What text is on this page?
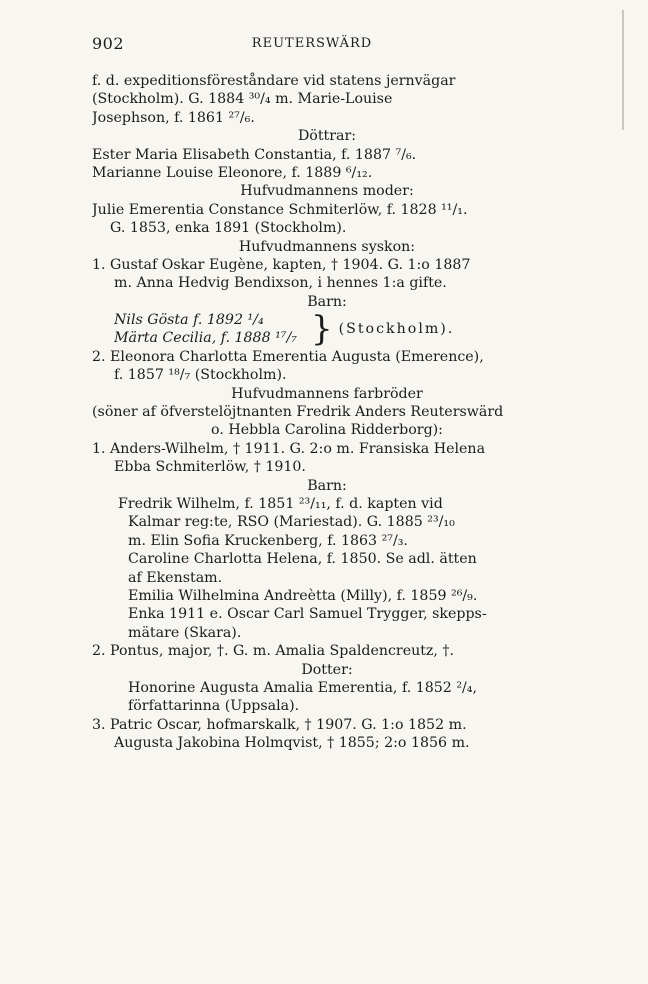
902	REUTERSWÄRD
f. d. expeditionsföreståndare vid statens jernvägar
(Stockholm). G. 1884 ³⁰/₄ m. Marie-Louise
Josephson, f. 1861 ²⁷/₆.
Döttrar:
Ester Maria Elisabeth Constantia, f. 1887 ⁷/₆.
Marianne Louise Eleonore, f. 1889 ⁶/₁₂.
Hufvudmannens moder:
Julie Emerentia Constance Schmiterlöw, f. 1828 ¹¹/₁.
G. 1853, enka 1891 (Stockholm).
Hufvudmannens syskon:
1. Gustaf Oskar Eugène, kapten, † 1904. G. 1:o 1887
m. Anna Hedvig Bendixson, i hennes 1:a gifte.
Barn:
Nils Gösta f. 1892 ¹/₄
Märta Cecilia, f. 1888 ¹⁷/₇ } (Stockholm).
2. Eleonora Charlotta Emerentia Augusta (Emerence),
f. 1857 ¹⁸/₇ (Stockholm).
Hufvudmannens farbröder
(söner af öfverstelöjtnanten Fredrik Anders Reuterswärd
o. Hebbla Carolina Ridderborg):
1. Anders-Wilhelm, † 1911. G. 2:o m. Fransiska Helena
Ebba Schmiterlöw, † 1910.
Barn:
Fredrik Wilhelm, f. 1851 ²³/₁₁, f. d. kapten vid
Kalmar reg:te, RSO (Mariestad). G. 1885 ²³/₁₀
m. Elin Sofia Kruckenberg, f. 1863 ²⁷/₃.
Caroline Charlotta Helena, f. 1850. Se adl. ätten
af Ekenstam.
Emilia Wilhelmina Andreètta (Milly), f. 1859 ²⁶/₉.
Enka 1911 e. Oscar Carl Samuel Trygger, skepps-
mätare (Skara).
2. Pontus, major, †. G. m. Amalia Spaldencreutz, †.
Dotter:
Honorine Augusta Amalia Emerentia, f. 1852 ²/₄,
författarinna (Uppsala).
3. Patric Oscar, hofmarskalk, † 1907. G. 1:o 1852 m.
Augusta Jakobina Holmqvist, † 1855; 2:o 1856 m.
